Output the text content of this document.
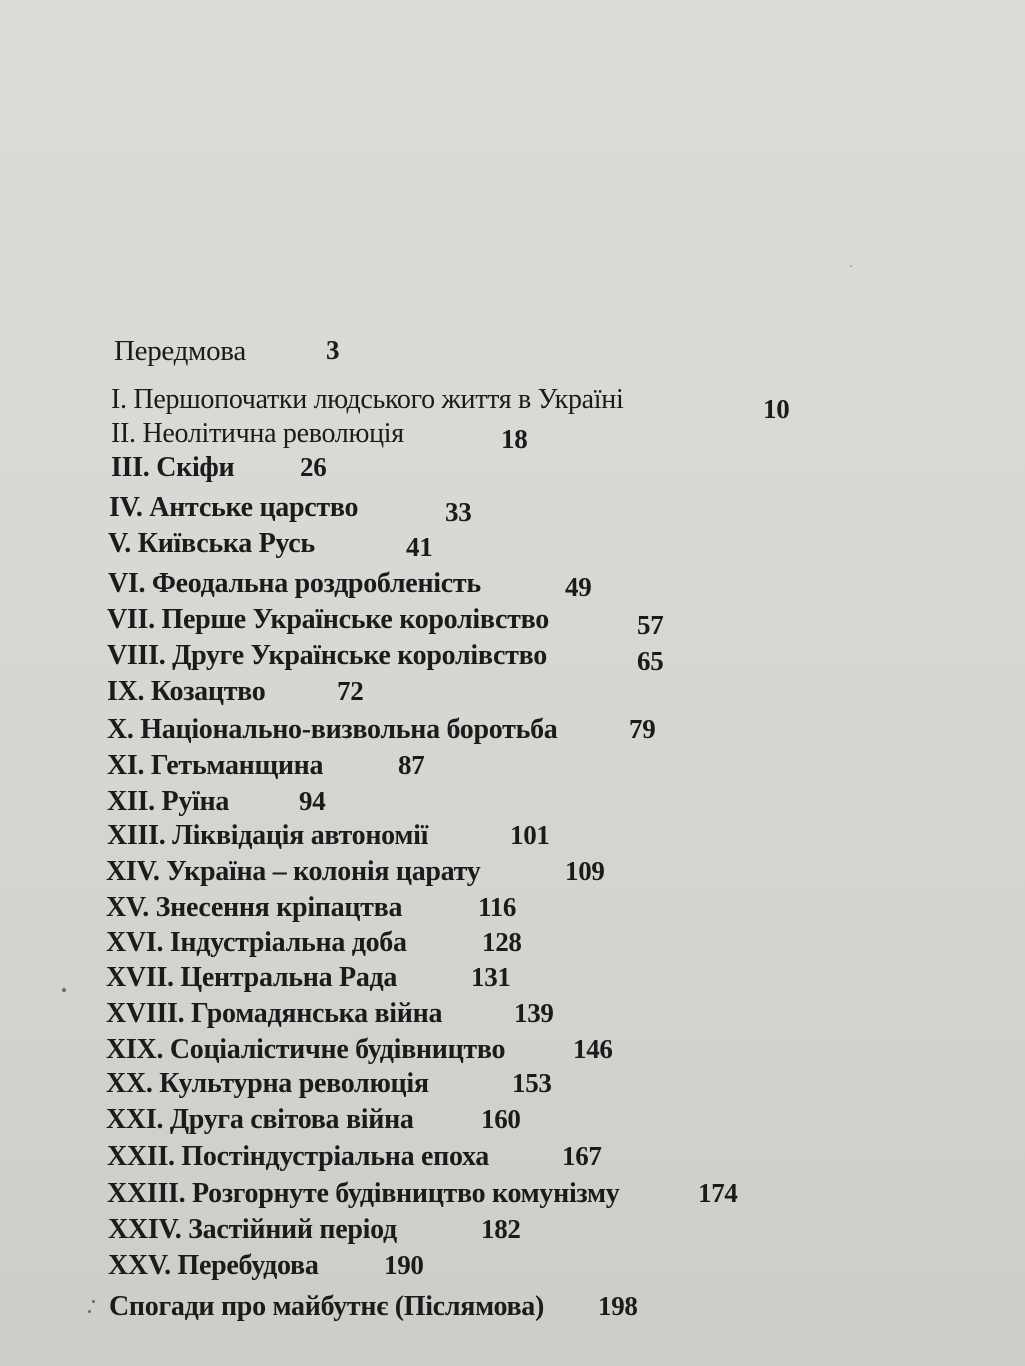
Передмова	3
I. Першопочатки людського життя в Україні	10
II. Неолітична революція	18
III. Скіфи 26
IV. Антське царство	33
V. Київська Русь	41
VI. Феодальна роздробленість	49
VII. Перше Українське королівство	57
VIII. Друге Українське королівство	65
IX. Козацтво	72
X. Національно-визвольна боротьба	79
XI. Гетьманщина	87
XII. Руїна	94
XIII. Ліквідація автономії	101
XIV. Україна – колонія царату	109
XV. Знесення кріпацтва	116
XVI. Індустріальна доба	128
XVII. Центральна Рада	131
XVIII. Громадянська війна	139
XIX. Соціалістичне будівництво	146
XX. Культурна революція	153
XXI. Друга світова війна 160
XXII. Постіндустріальна епоха	167
XXIII. Розгорнуте будівництво комунізму	174
XXIV. Застійний період	182
XXV. Перебудова 190
Спогади про майбутнє (Післямова) 198
